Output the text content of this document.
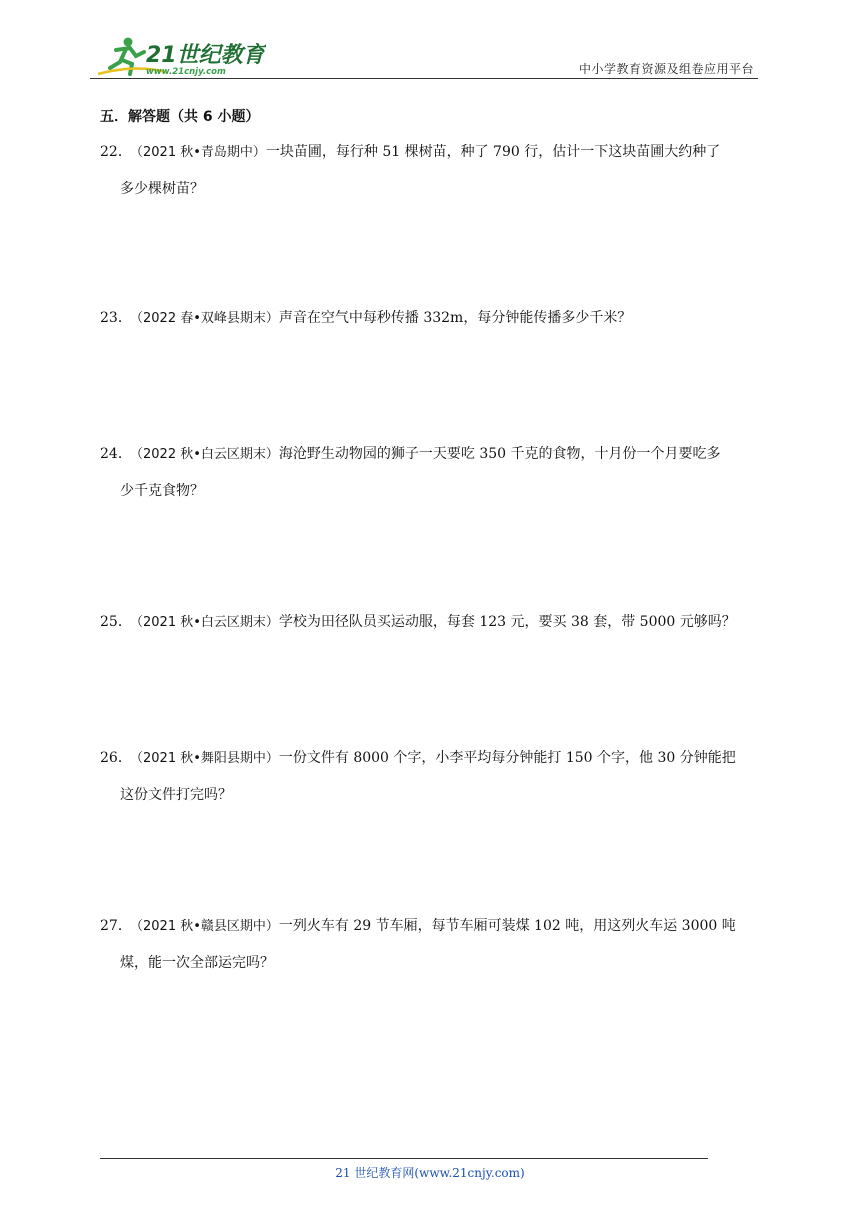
21世纪教育
www.21cnjy.com	中小学教育资源及组卷应用平台
五．解答题（共 6 小题）
22．（2021 秋•青岛期中）一块苗圃，每行种 51 棵树苗，种了 790 行，估计一下这块苗圃大约种了
多少棵树苗？
23．（2022 春•双峰县期末）声音在空气中每秒传播 332m，每分钟能传播多少千米？
24．（2022 秋•白云区期末）海沧野生动物园的狮子一天要吃 350 千克的食物，十月份一个月要吃多
少千克食物？
25．（2021 秋•白云区期末）学校为田径队员买运动服，每套 123 元，要买 38 套，带 5000 元够吗？
26．（2021 秋•舞阳县期中）一份文件有 8000 个字，小李平均每分钟能打 150 个字，他 30 分钟能把
这份文件打完吗？
27．（2021 秋•赣县区期中）一列火车有 29 节车厢，每节车厢可装煤 102 吨，用这列火车运 3000 吨
煤，能一次全部运完吗？
21 世纪教育网(www.21cnjy.com)
